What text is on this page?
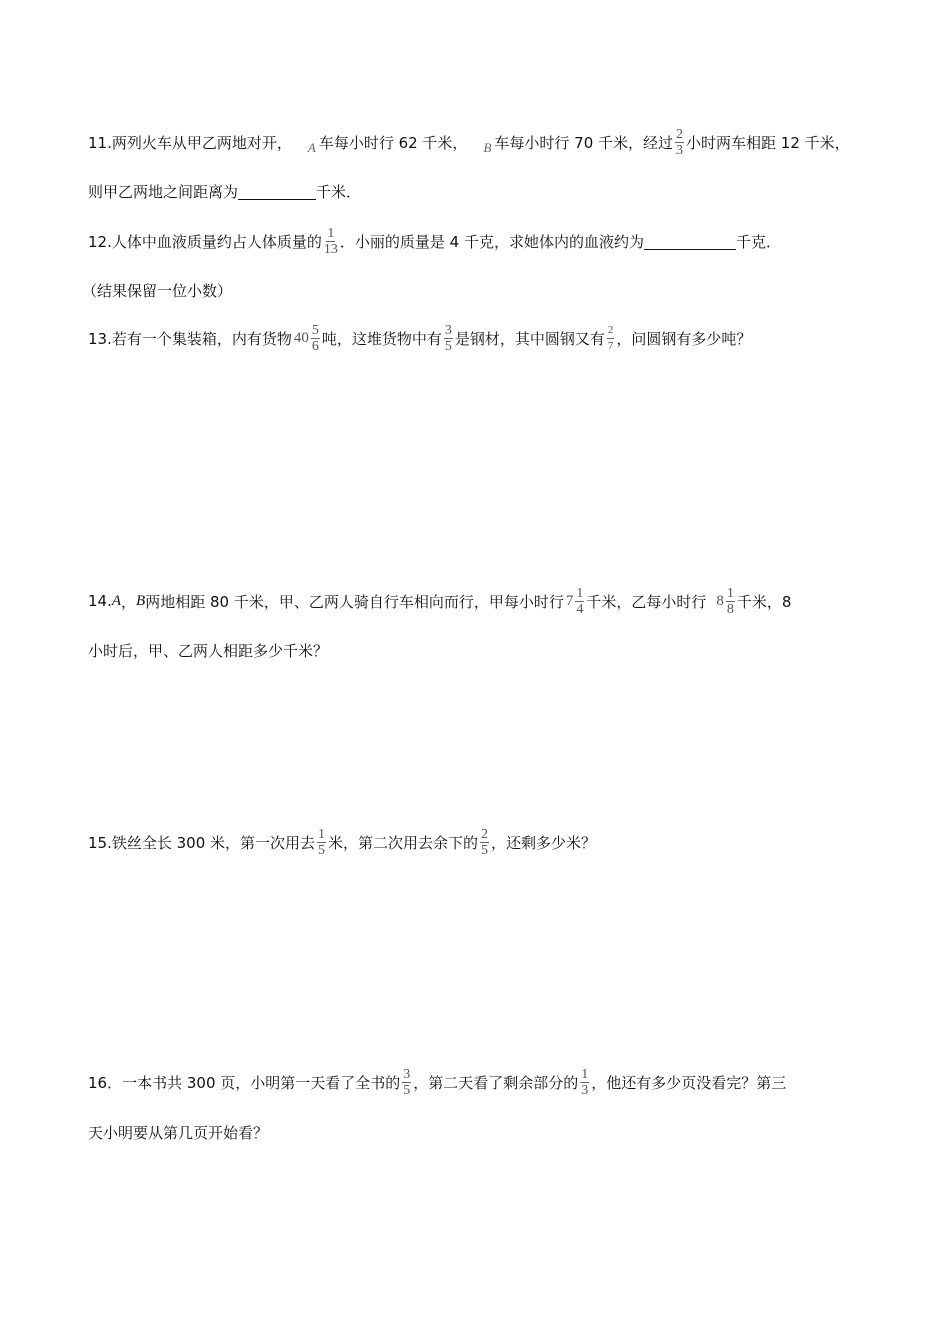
11.两列火车从甲乙两地对开， A 车每小时行 62 千米， B 车每小时行 70 千米，经过 $\frac{2}{3}$ 小时两车相距 12 千米，
则甲乙两地之间距离为	千米．
12.人体中血液质量约占人体质量的 $\frac{1}{13}$ ．小丽的质量是 4 千克，求她体内的血液约为	千克．
（结果保留一位小数）
13.若有一个集装箱，内有货物 $40 \frac{5}{6}$ 吨，这堆货物中有 $\frac{3}{5}$ 是钢材，其中圆钢又有 $\frac{2}{7}$ ，问圆钢有多少吨？
14. A ， B 两地相距 80 千米，甲、乙两人骑自行车相向而行，甲每小时行 $7 \frac{1}{4}$ 千米，乙每小时行 $8 \frac{1}{8}$ 千米，8
小时后，甲、乙两人相距多少千米？
15.铁丝全长 300 米，第一次用去 $\frac{1}{5}$ 米，第二次用去余下的 $\frac{2}{5}$ ，还剩多少米？
16．一本书共 300 页，小明第一天看了全书的 $\frac{3}{5}$ ，第二天看了剩余部分的 $\frac{1}{3}$ ，他还有多少页没看完？第三
天小明要从第几页开始看？
